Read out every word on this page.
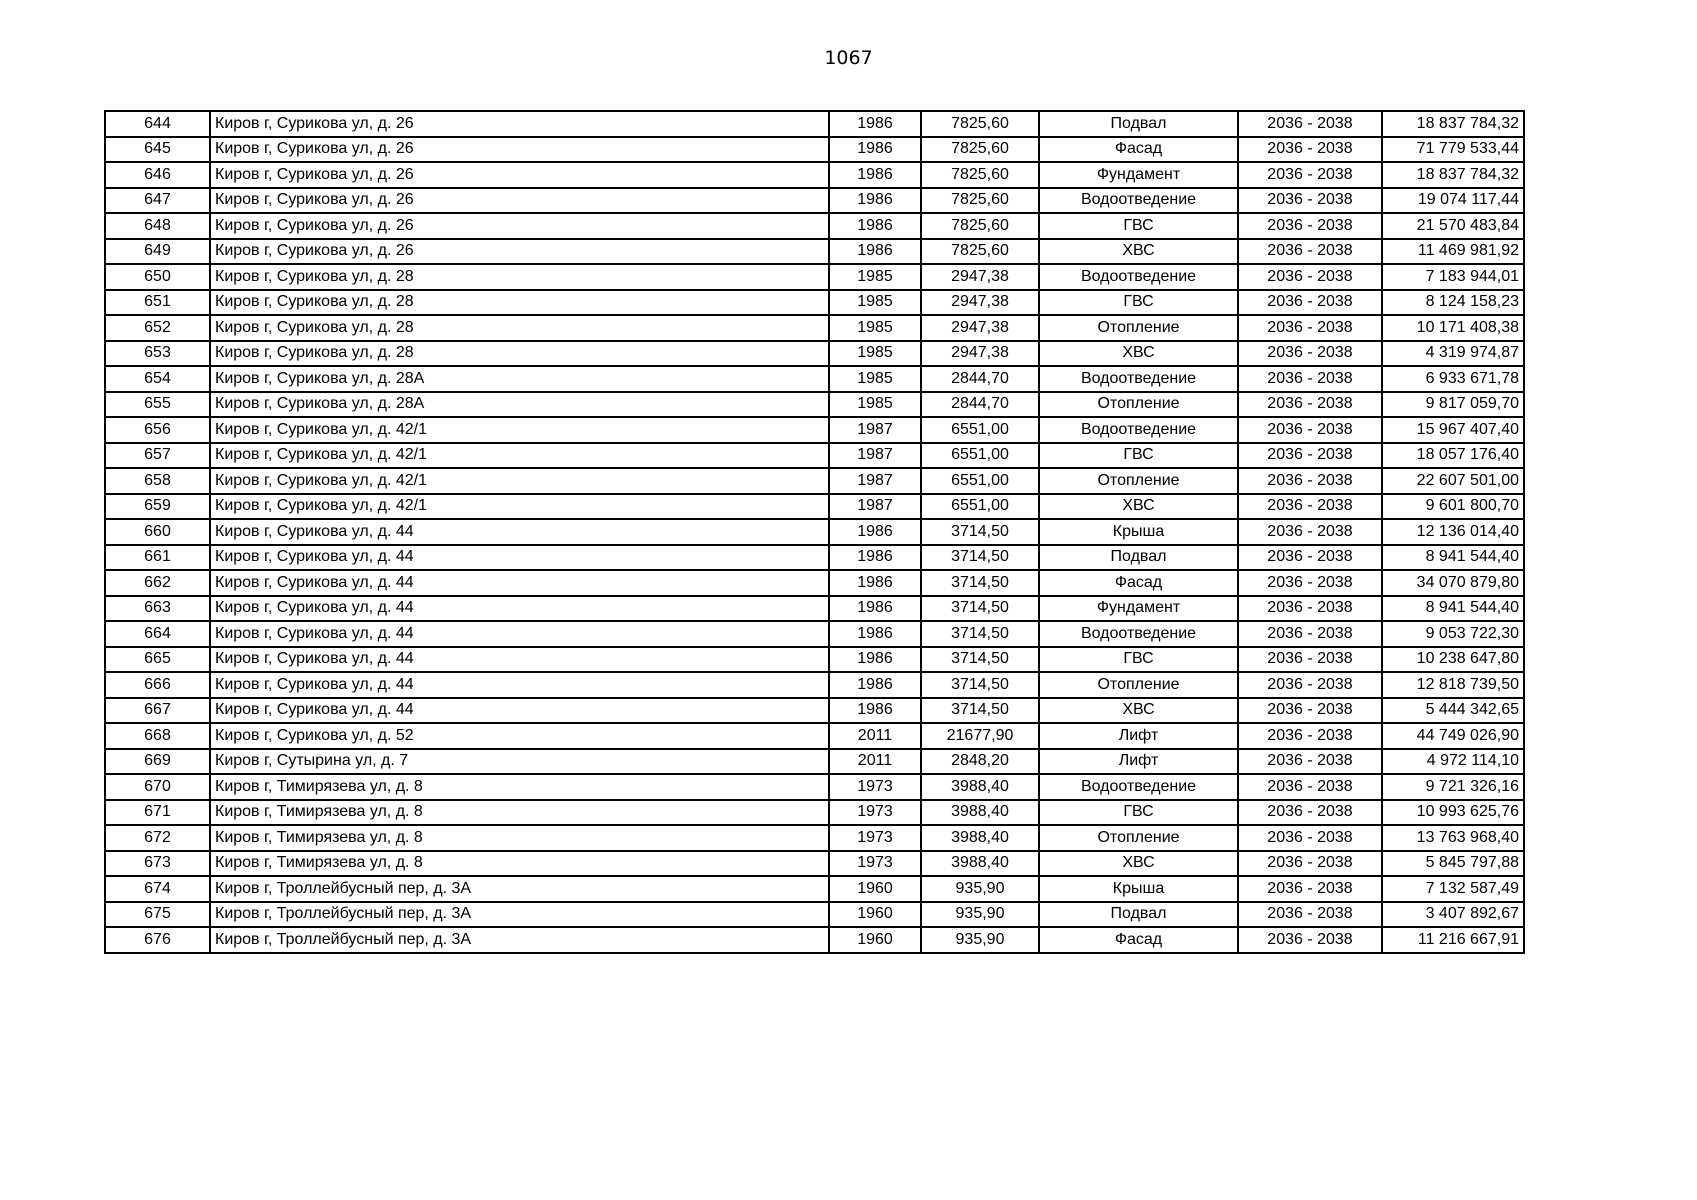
1067
644	Киров г, Сурикова ул, д. 26	1986	7825,60	Подвал	2036 - 2038	18 837 784,32
645	Киров г, Сурикова ул, д. 26	1986	7825,60	Фасад	2036 - 2038	71 779 533,44
646	Киров г, Сурикова ул, д. 26	1986	7825,60	Фундамент	2036 - 2038	18 837 784,32
647	Киров г, Сурикова ул, д. 26	1986	7825,60	Водоотведение	2036 - 2038	19 074 117,44
648	Киров г, Сурикова ул, д. 26	1986	7825,60	ГВС	2036 - 2038	21 570 483,84
649	Киров г, Сурикова ул, д. 26	1986	7825,60	ХВС	2036 - 2038	11 469 981,92
650	Киров г, Сурикова ул, д. 28	1985	2947,38	Водоотведение	2036 - 2038	7 183 944,01
651	Киров г, Сурикова ул, д. 28	1985	2947,38	ГВС	2036 - 2038	8 124 158,23
652	Киров г, Сурикова ул, д. 28	1985	2947,38	Отопление	2036 - 2038	10 171 408,38
653	Киров г, Сурикова ул, д. 28	1985	2947,38	ХВС	2036 - 2038	4 319 974,87
654	Киров г, Сурикова ул, д. 28А	1985	2844,70	Водоотведение	2036 - 2038	6 933 671,78
655	Киров г, Сурикова ул, д. 28А	1985	2844,70	Отопление	2036 - 2038	9 817 059,70
656	Киров г, Сурикова ул, д. 42/1	1987	6551,00	Водоотведение	2036 - 2038	15 967 407,40
657	Киров г, Сурикова ул, д. 42/1	1987	6551,00	ГВС	2036 - 2038	18 057 176,40
658	Киров г, Сурикова ул, д. 42/1	1987	6551,00	Отопление	2036 - 2038	22 607 501,00
659	Киров г, Сурикова ул, д. 42/1	1987	6551,00	ХВС	2036 - 2038	9 601 800,70
660	Киров г, Сурикова ул, д. 44	1986	3714,50	Крыша	2036 - 2038	12 136 014,40
661	Киров г, Сурикова ул, д. 44	1986	3714,50	Подвал	2036 - 2038	8 941 544,40
662	Киров г, Сурикова ул, д. 44	1986	3714,50	Фасад	2036 - 2038	34 070 879,80
663	Киров г, Сурикова ул, д. 44	1986	3714,50	Фундамент	2036 - 2038	8 941 544,40
664	Киров г, Сурикова ул, д. 44	1986	3714,50	Водоотведение	2036 - 2038	9 053 722,30
665	Киров г, Сурикова ул, д. 44	1986	3714,50	ГВС	2036 - 2038	10 238 647,80
666	Киров г, Сурикова ул, д. 44	1986	3714,50	Отопление	2036 - 2038	12 818 739,50
667	Киров г, Сурикова ул, д. 44	1986	3714,50	ХВС	2036 - 2038	5 444 342,65
668	Киров г, Сурикова ул, д. 52	2011	21677,90	Лифт	2036 - 2038	44 749 026,90
669	Киров г, Сутырина ул, д. 7	2011	2848,20	Лифт	2036 - 2038	4 972 114,10
670	Киров г, Тимирязева ул, д. 8	1973	3988,40	Водоотведение	2036 - 2038	9 721 326,16
671	Киров г, Тимирязева ул, д. 8	1973	3988,40	ГВС	2036 - 2038	10 993 625,76
672	Киров г, Тимирязева ул, д. 8	1973	3988,40	Отопление	2036 - 2038	13 763 968,40
673	Киров г, Тимирязева ул, д. 8	1973	3988,40	ХВС	2036 - 2038	5 845 797,88
674	Киров г, Троллейбусный пер, д. 3А	1960	935,90	Крыша	2036 - 2038	7 132 587,49
675	Киров г, Троллейбусный пер, д. 3А	1960	935,90	Подвал	2036 - 2038	3 407 892,67
676	Киров г, Троллейбусный пер, д. 3А	1960	935,90	Фасад	2036 - 2038	11 216 667,91
